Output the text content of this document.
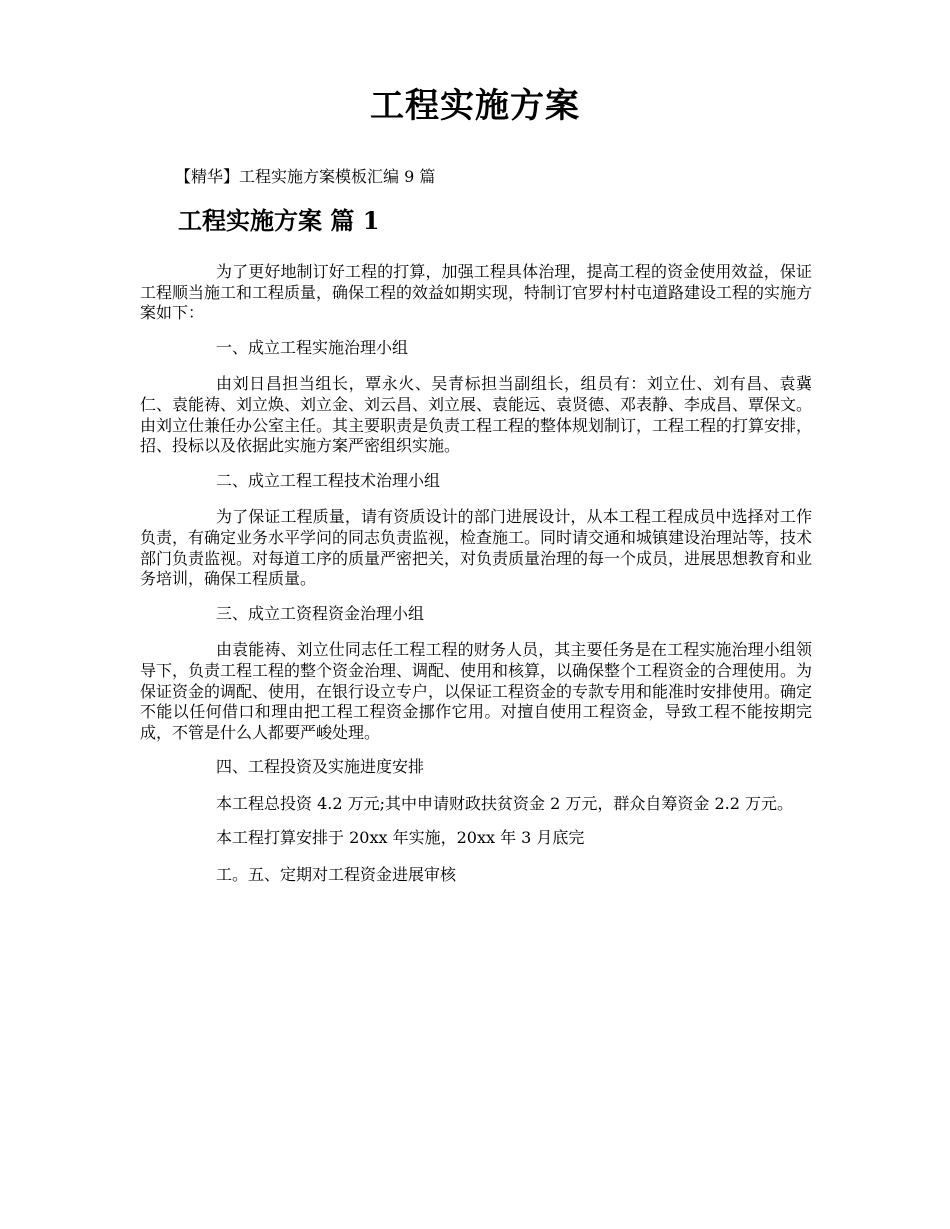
工程实施方案
【精华】工程实施方案模板汇编 9 篇
工程实施方案 篇 1

为了更好地制订好工程的打算，加强工程具体治理，提高工程的资金使用效益，保证工程顺当施工和工程质量，确保工程的效益如期实现，特制订官罗村村屯道路建设工程的实施方案如下：

一、成立工程实施治理小组

由刘日昌担当组长，覃永火、吴青标担当副组长，组员有：刘立仕、刘有昌、袁冀仁、袁能祷、刘立焕、刘立金、刘云昌、刘立展、袁能远、袁贤德、邓表静、李成昌、覃保文。由刘立仕兼任办公室主任。其主要职责是负责工程工程的整体规划制订，工程工程的打算安排，招、投标以及依据此实施方案严密组织实施。

二、成立工程工程技术治理小组

为了保证工程质量，请有资质设计的部门进展设计，从本工程工程成员中选择对工作负责，有确定业务水平学问的同志负责监视，检查施工。同时请交通和城镇建设治理站等，技术部门负责监视。对每道工序的质量严密把关，对负责质量治理的每一个成员，进展思想教育和业务培训，确保工程质量。

三、成立工资程资金治理小组

由袁能祷、刘立仕同志任工程工程的财务人员，其主要任务是在工程实施治理小组领导下，负责工程工程的整个资金治理、调配、使用和核算，以确保整个工程资金的合理使用。为保证资金的调配、使用，在银行设立专户，以保证工程资金的专款专用和能准时安排使用。确定不能以任何借口和理由把工程工程资金挪作它用。对擅自使用工程资金，导致工程不能按期完成，不管是什么人都要严峻处理。

四、工程投资及实施进度安排

本工程总投资 4.2 万元;其中申请财政扶贫资金 2 万元，群众自筹资金 2.2 万元。

本工程打算安排于 20xx 年实施，20xx 年 3 月底完

工。五、定期对工程资金进展审核
